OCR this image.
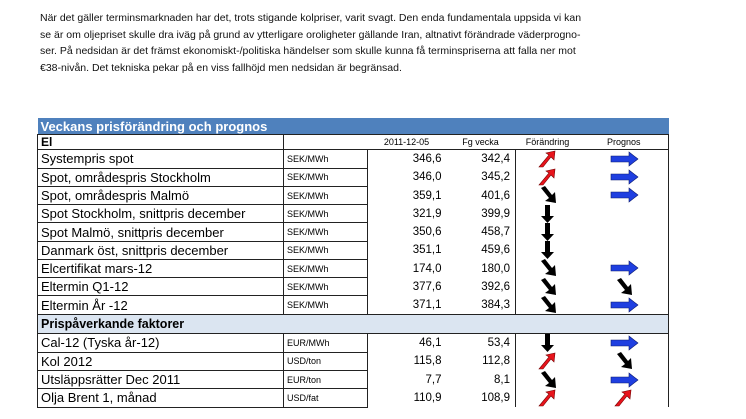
När det gäller terminsmarknaden har det, trots stigande kolpriser, varit svagt. Den enda fundamentala uppsida vi kan

se är om oljepriset skulle dra iväg på grund av ytterligare oroligheter gällande Iran, altnativt förändrade väderprogno-

ser. På nedsidan är det främst ekonomiskt-/politiska händelser som skulle kunna få terminspriserna att falla ner mot

€38-nivån. Det tekniska pekar på en viss fallhöjd men nedsidan är begränsad.

Veckans prisförändring och prognos					
El		2011-12-05	Fg vecka	Förändring	Prognos
Systempris spot	SEK/MWh	346,6	342,4		
Spot, områdespris Stockholm	SEK/MWh	346,0	345,2		
Spot, områdespris Malmö	SEK/MWh	359,1	401,6		
Spot Stockholm, snittpris december	SEK/MWh	321,9	399,9		
Spot Malmö, snittpris december	SEK/MWh	350,6	458,7		
Danmark öst, snittpris december	SEK/MWh	351,1	459,6		
Elcertifikat mars-12	SEK/MWh	174,0	180,0		
Eltermin Q1-12	SEK/MWh	377,6	392,6		
Eltermin År -12	SEK/MWh	371,1	384,3		
Prispåverkande faktorer					
Cal-12 (Tyska år-12)	EUR/MWh	46,1	53,4		
Kol 2012	USD/ton	115,8	112,8		
Utsläppsrätter Dec 2011	EUR/ton	7,7	8,1		
Olja Brent 1, månad	USD/fat	110,9	108,9		
